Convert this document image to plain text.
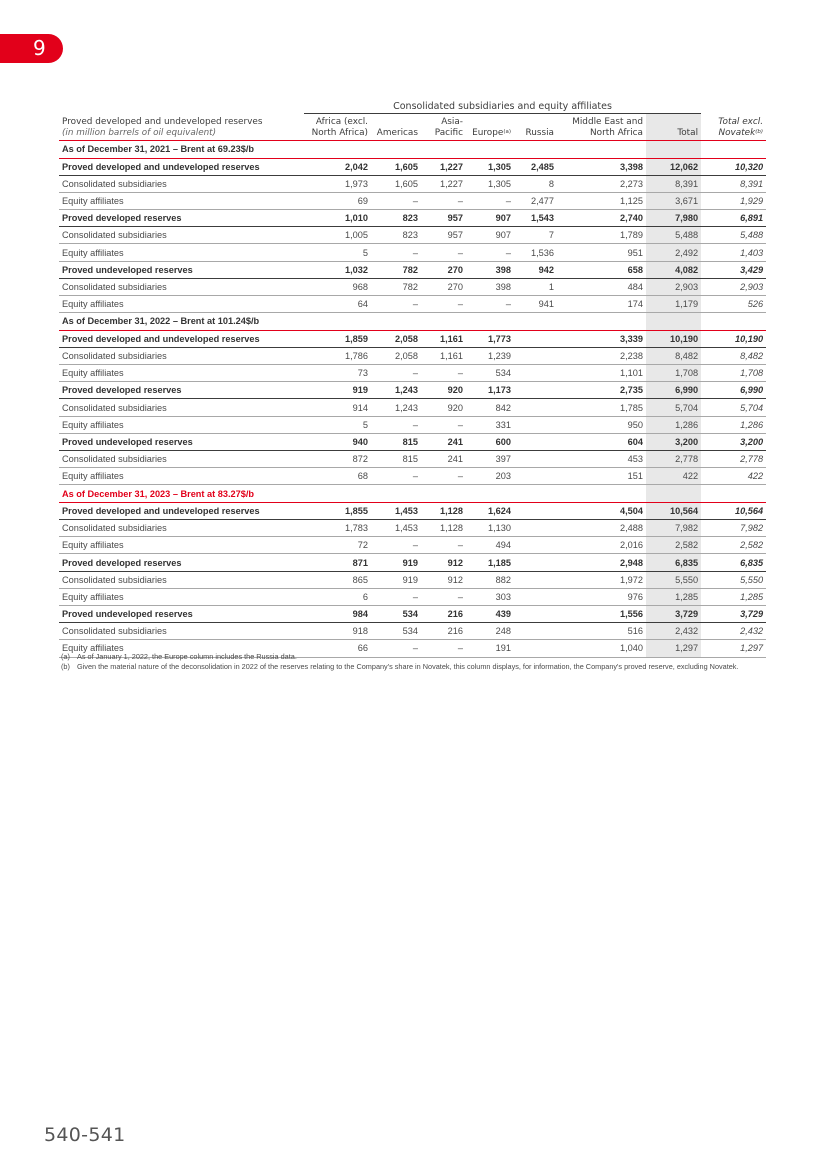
9
	Consolidated subsidiaries and equity affiliates							
Proved developed and undeveloped reserves
(in million barrels of oil equivalent)	Africa (excl.
North Africa)	Americas	Asia-
Pacific	Europe$^{(a)}$	Russia	Middle East and
North Africa	Total	Total excl.
Novatek$^{(b)}$
As of December 31, 2021 – Brent at 69.23$/b								
Proved developed and undeveloped reserves	2,042	1,605	1,227	1,305	2,485	3,398	12,062	10,320
Consolidated subsidiaries	1,973	1,605	1,227	1,305	8	2,273	8,391	8,391
Equity affiliates	69	–	–	–	2,477	1,125	3,671	1,929
Proved developed reserves	1,010	823	957	907	1,543	2,740	7,980	6,891
Consolidated subsidiaries	1,005	823	957	907	7	1,789	5,488	5,488
Equity affiliates	5	–	–	–	1,536	951	2,492	1,403
Proved undeveloped reserves	1,032	782	270	398	942	658	4,082	3,429
Consolidated subsidiaries	968	782	270	398	1	484	2,903	2,903
Equity affiliates	64	–	–	–	941	174	1,179	526
As of December 31, 2022 – Brent at 101.24$/b								
Proved developed and undeveloped reserves	1,859	2,058	1,161	1,773		3,339	10,190	10,190
Consolidated subsidiaries	1,786	2,058	1,161	1,239		2,238	8,482	8,482
Equity affiliates	73	–	–	534		1,101	1,708	1,708
Proved developed reserves	919	1,243	920	1,173		2,735	6,990	6,990
Consolidated subsidiaries	914	1,243	920	842		1,785	5,704	5,704
Equity affiliates	5	–	–	331		950	1,286	1,286
Proved undeveloped reserves	940	815	241	600		604	3,200	3,200
Consolidated subsidiaries	872	815	241	397		453	2,778	2,778
Equity affiliates	68	–	–	203		151	422	422
As of December 31, 2023 – Brent at 83.27$/b								
Proved developed and undeveloped reserves	1,855	1,453	1,128	1,624		4,504	10,564	10,564
Consolidated subsidiaries	1,783	1,453	1,128	1,130		2,488	7,982	7,982
Equity affiliates	72	–	–	494		2,016	2,582	2,582
Proved developed reserves	871	919	912	1,185		2,948	6,835	6,835
Consolidated subsidiaries	865	919	912	882		1,972	5,550	5,550
Equity affiliates	6	–	–	303		976	1,285	1,285
Proved undeveloped reserves	984	534	216	439		1,556	3,729	3,729
Consolidated subsidiaries	918	534	216	248		516	2,432	2,432
Equity affiliates	66	–	–	191		1,040	1,297	1,297
(a) As of January 1, 2022, the Europe column includes the Russia data.
(b) Given the material nature of the deconsolidation in 2022 of the reserves relating to the Company's share in Novatek, this column displays, for information, the Company's proved reserve, excluding Novatek.
540-541
